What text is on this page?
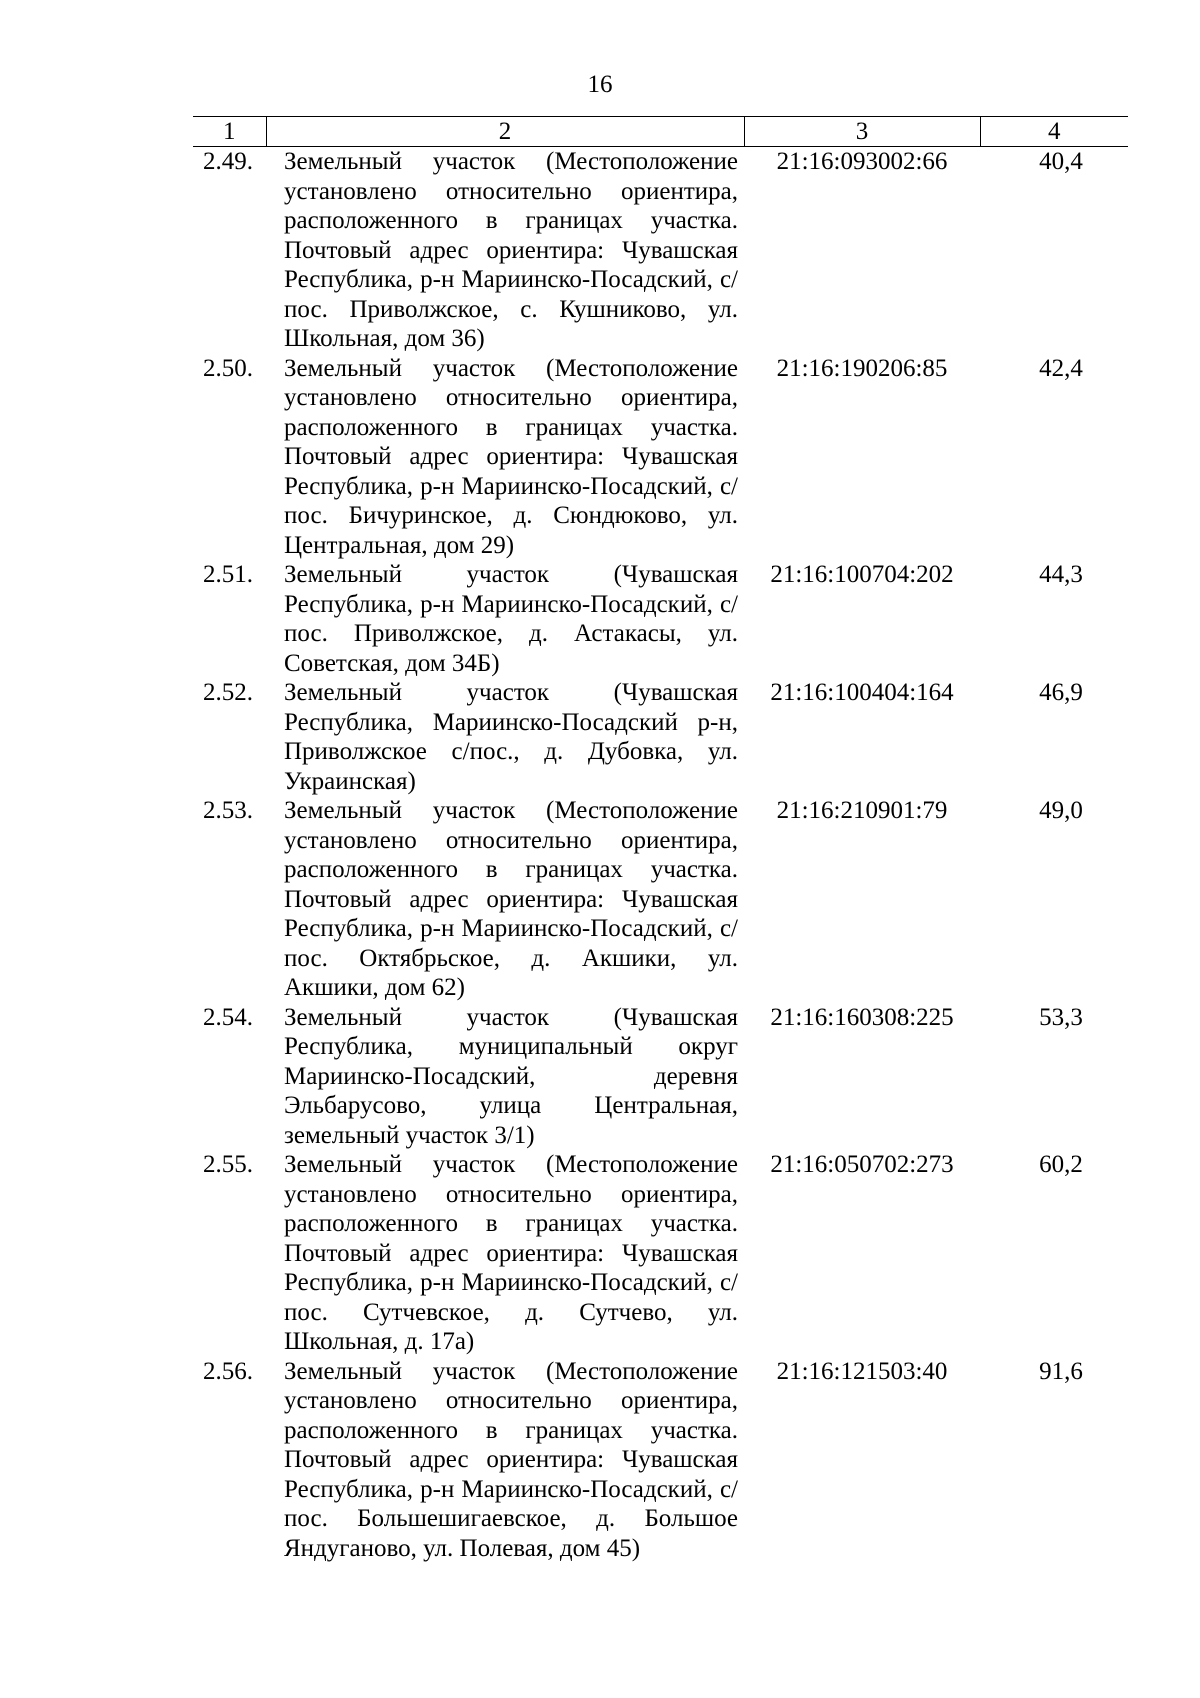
16
1	2	3	4
2.49.	Земельный участок (Местоположение установлено относительно ориентира, расположенного в границах участка. Почтовый адрес ориентира: Чувашская Республика, р-н Мариинско-Посадский, с/пос. Приволжское, с. Кушниково, ул. Школьная, дом 36)	21:16:093002:66	40,4
2.50.	Земельный участок (Местоположение установлено относительно ориентира, расположенного в границах участка. Почтовый адрес ориентира: Чувашская Республика, р-н Мариинско-Посадский, с/пос. Бичуринское, д. Сюндюково, ул. Центральная, дом 29)	21:16:190206:85	42,4
2.51.	Земельный участок (Чувашская Республика, р-н Мариинско-Посадский, с/пос. Приволжское, д. Астакасы, ул. Советская, дом 34Б)	21:16:100704:202	44,3
2.52.	Земельный участок (Чувашская Республика, Мариинско-Посадский р-н, Приволжское с/пос., д. Дубовка, ул. Украинская)	21:16:100404:164	46,9
2.53.	Земельный участок (Местоположение установлено относительно ориентира, расположенного в границах участка. Почтовый адрес ориентира: Чувашская Республика, р-н Мариинско-Посадский, с/пос. Октябрьское, д. Акшики, ул. Акшики, дом 62)	21:16:210901:79	49,0
2.54.	Земельный участок (Чувашская Республика, муниципальный округ Мариинско-Посадский, деревня Эльбарусово, улица Центральная, земельный участок 3/1)	21:16:160308:225	53,3
2.55.	Земельный участок (Местоположение установлено относительно ориентира, расположенного в границах участка. Почтовый адрес ориентира: Чувашская Республика, р-н Мариинско-Посадский, с/пос. Сутчевское, д. Сутчево, ул. Школьная, д. 17а)	21:16:050702:273	60,2
2.56.	Земельный участок (Местоположение установлено относительно ориентира, расположенного в границах участка. Почтовый адрес ориентира: Чувашская Республика, р-н Мариинско-Посадский, с/пос. Большешигаевское, д. Большое Яндуганово, ул. Полевая, дом 45)	21:16:121503:40	91,6
